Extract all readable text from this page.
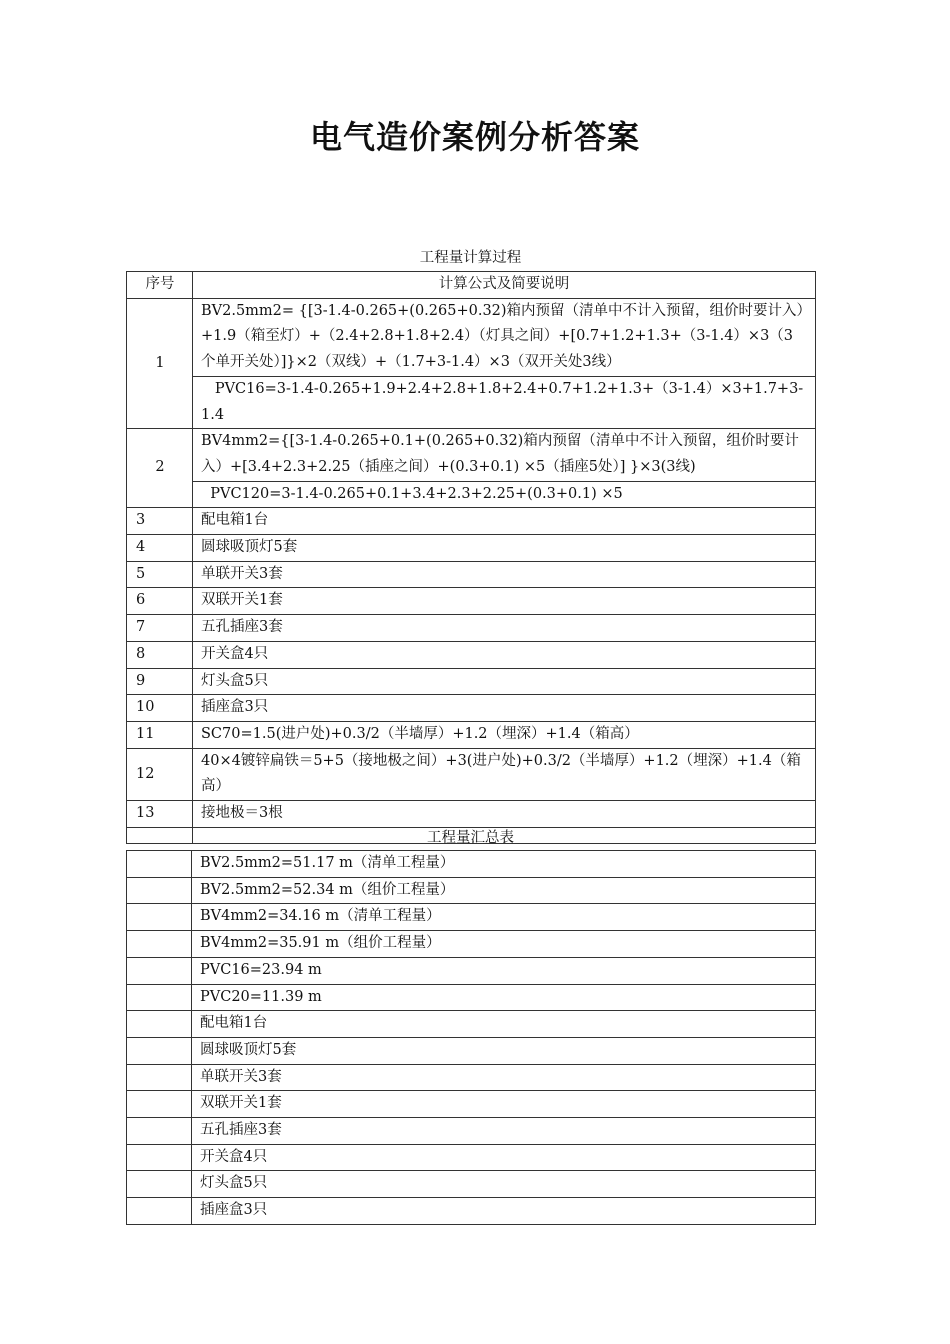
电气造价案例分析答案
工程量计算过程
序号	计算公式及简要说明
1	BV2.5mm2= {[3-1.4-0.265+(0.265+0.32)箱内预留（清单中不计入预留，组价时要计入）+1.9（箱至灯）+（2.4+2.8+1.8+2.4）（灯具之间）+[0.7+1.2+1.3+（3-1.4）×3（3个单开关处）]}×2（双线）+（1.7+3-1.4）×3（双开关处3线）
	PVC16=3-1.4-0.265+1.9+2.4+2.8+1.8+2.4+0.7+1.2+1.3+（3-1.4）×3+1.7+3-1.4
2	BV4mm2={[3-1.4-0.265+0.1+(0.265+0.32)箱内预留（清单中不计入预留，组价时要计入）+[3.4+2.3+2.25（插座之间）+(0.3+0.1) ×5（插座5处）] }×3(3线)
	PVC120=3-1.4-0.265+0.1+3.4+2.3+2.25+(0.3+0.1) ×5
3	配电箱1台
4	圆球吸顶灯5套
5	单联开关3套
6	双联开关1套
7	五孔插座3套
8	开关盒4只
9	灯头盒5只
10	插座盒3只
11	SC70=1.5(进户处)+0.3/2（半墙厚）+1.2（埋深）+1.4（箱高）
12	40×4镀锌扁铁＝5+5（接地极之间）+3(进户处)+0.3/2（半墙厚）+1.2（埋深）+1.4（箱高）
13	接地极＝3根

工程量汇总表
	BV2.5mm2=51.17 m（清单工程量）
	BV2.5mm2=52.34 m（组价工程量）
	BV4mm2=34.16 m（清单工程量）
	BV4mm2=35.91 m（组价工程量）
	PVC16=23.94 m
	PVC20=11.39 m
	配电箱1台
	圆球吸顶灯5套
	单联开关3套
	双联开关1套
	五孔插座3套
	开关盒4只
	灯头盒5只
	插座盒3只
